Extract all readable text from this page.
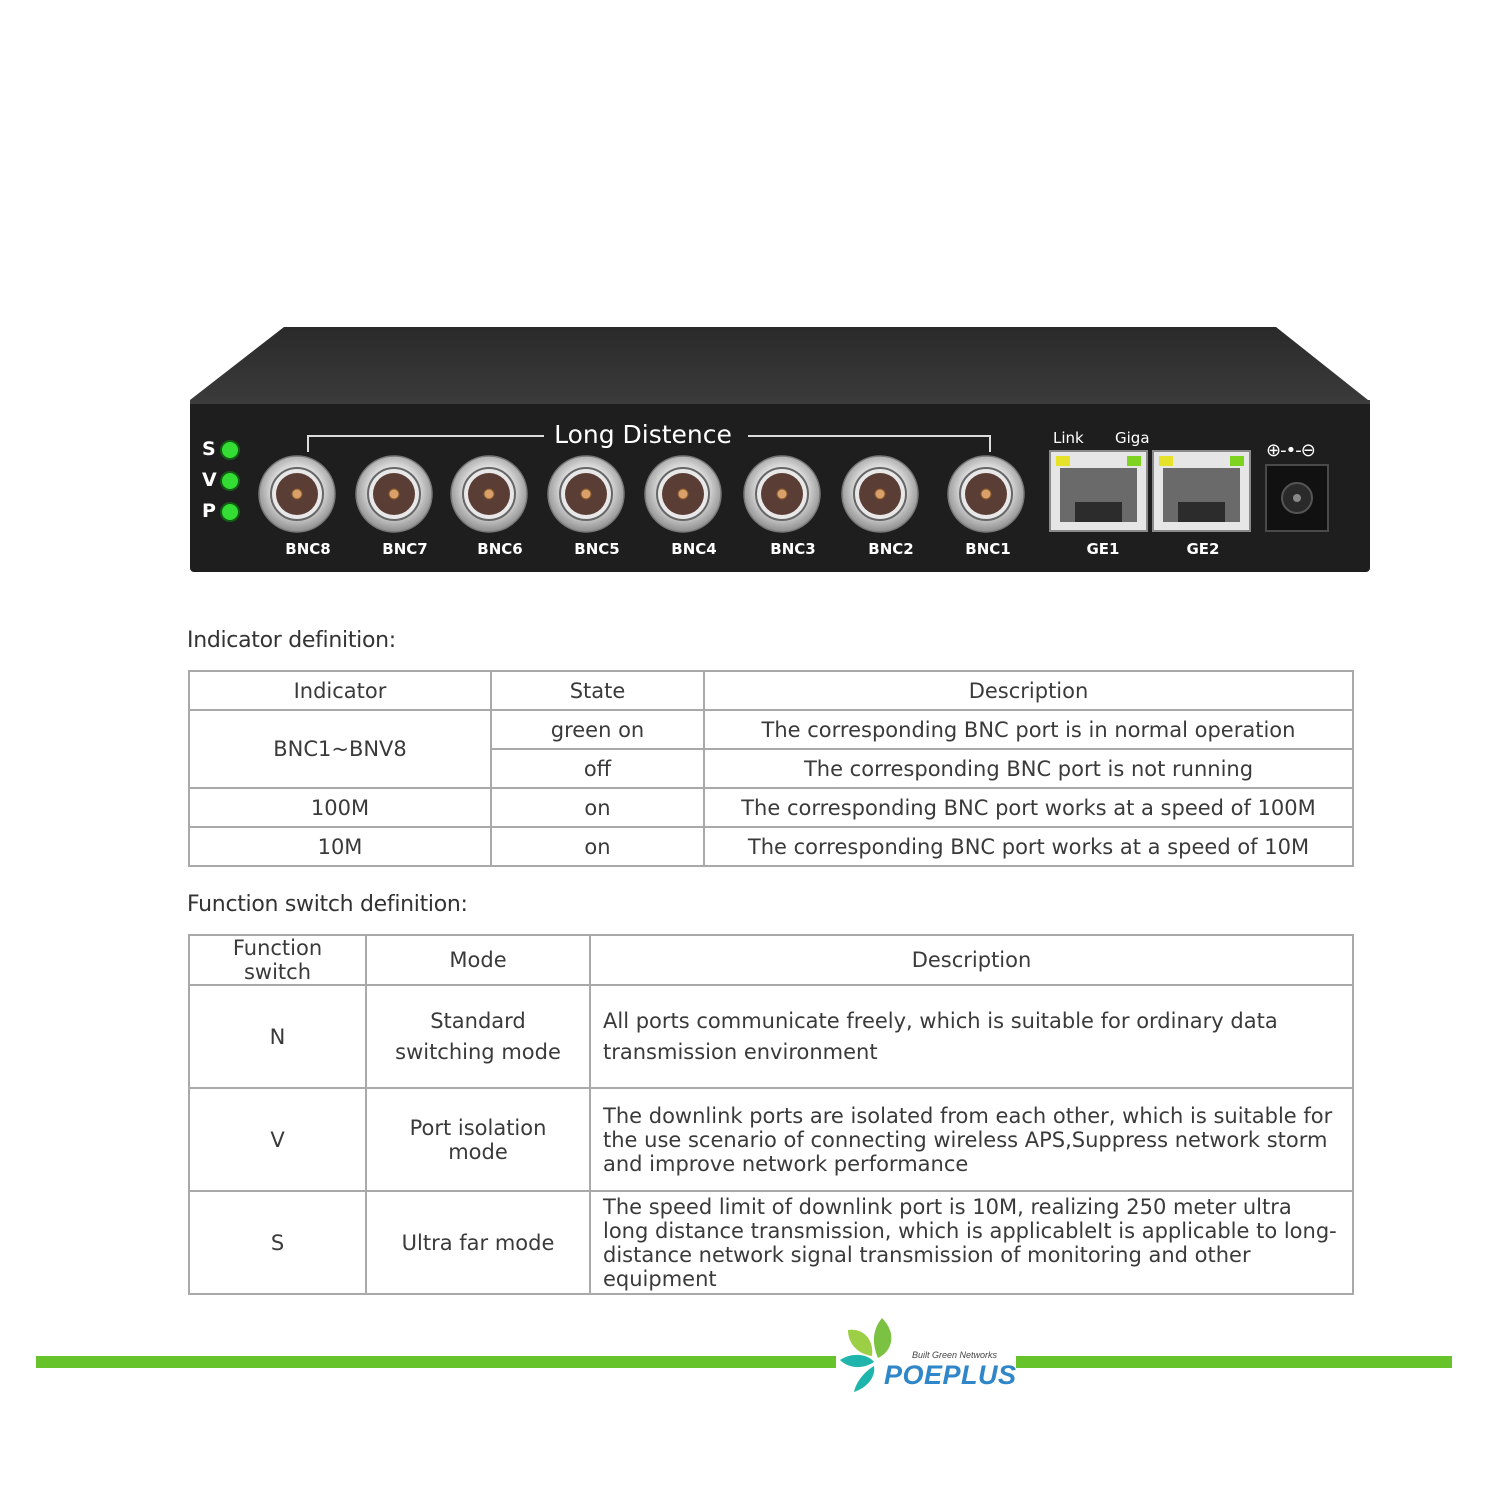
Long Distence
S
V
P
BNC8	BNC7	BNC6	BNC5	BNC4	BNC3	BNC2	BNC1
Link Giga
GE1	GE2
⊕-•-⊖
Indicator definition:
Indicator	State	Description
BNC1~BNV8	green on	The corresponding BNC port is in normal operation
	off	The corresponding BNC port is not running
100M	on	The corresponding BNC port works at a speed of 100M
10M	on	The corresponding BNC port works at a speed of 10M
Function switch definition:
Function switch	Mode	Description
N	Standard switching mode	All ports communicate freely, which is suitable for ordinary data transmission environment
V	Port isolation mode	The downlink ports are isolated from each other, which is suitable for the use scenario of connecting wireless APS,Suppress network storm and improve network performance
S	Ultra far mode	The speed limit of downlink port is 10M, realizing 250 meter ultra long distance transmission, which is applicableIt is applicable to long-distance network signal transmission of monitoring and other equipment
Built Green Networks
POEPLUS
